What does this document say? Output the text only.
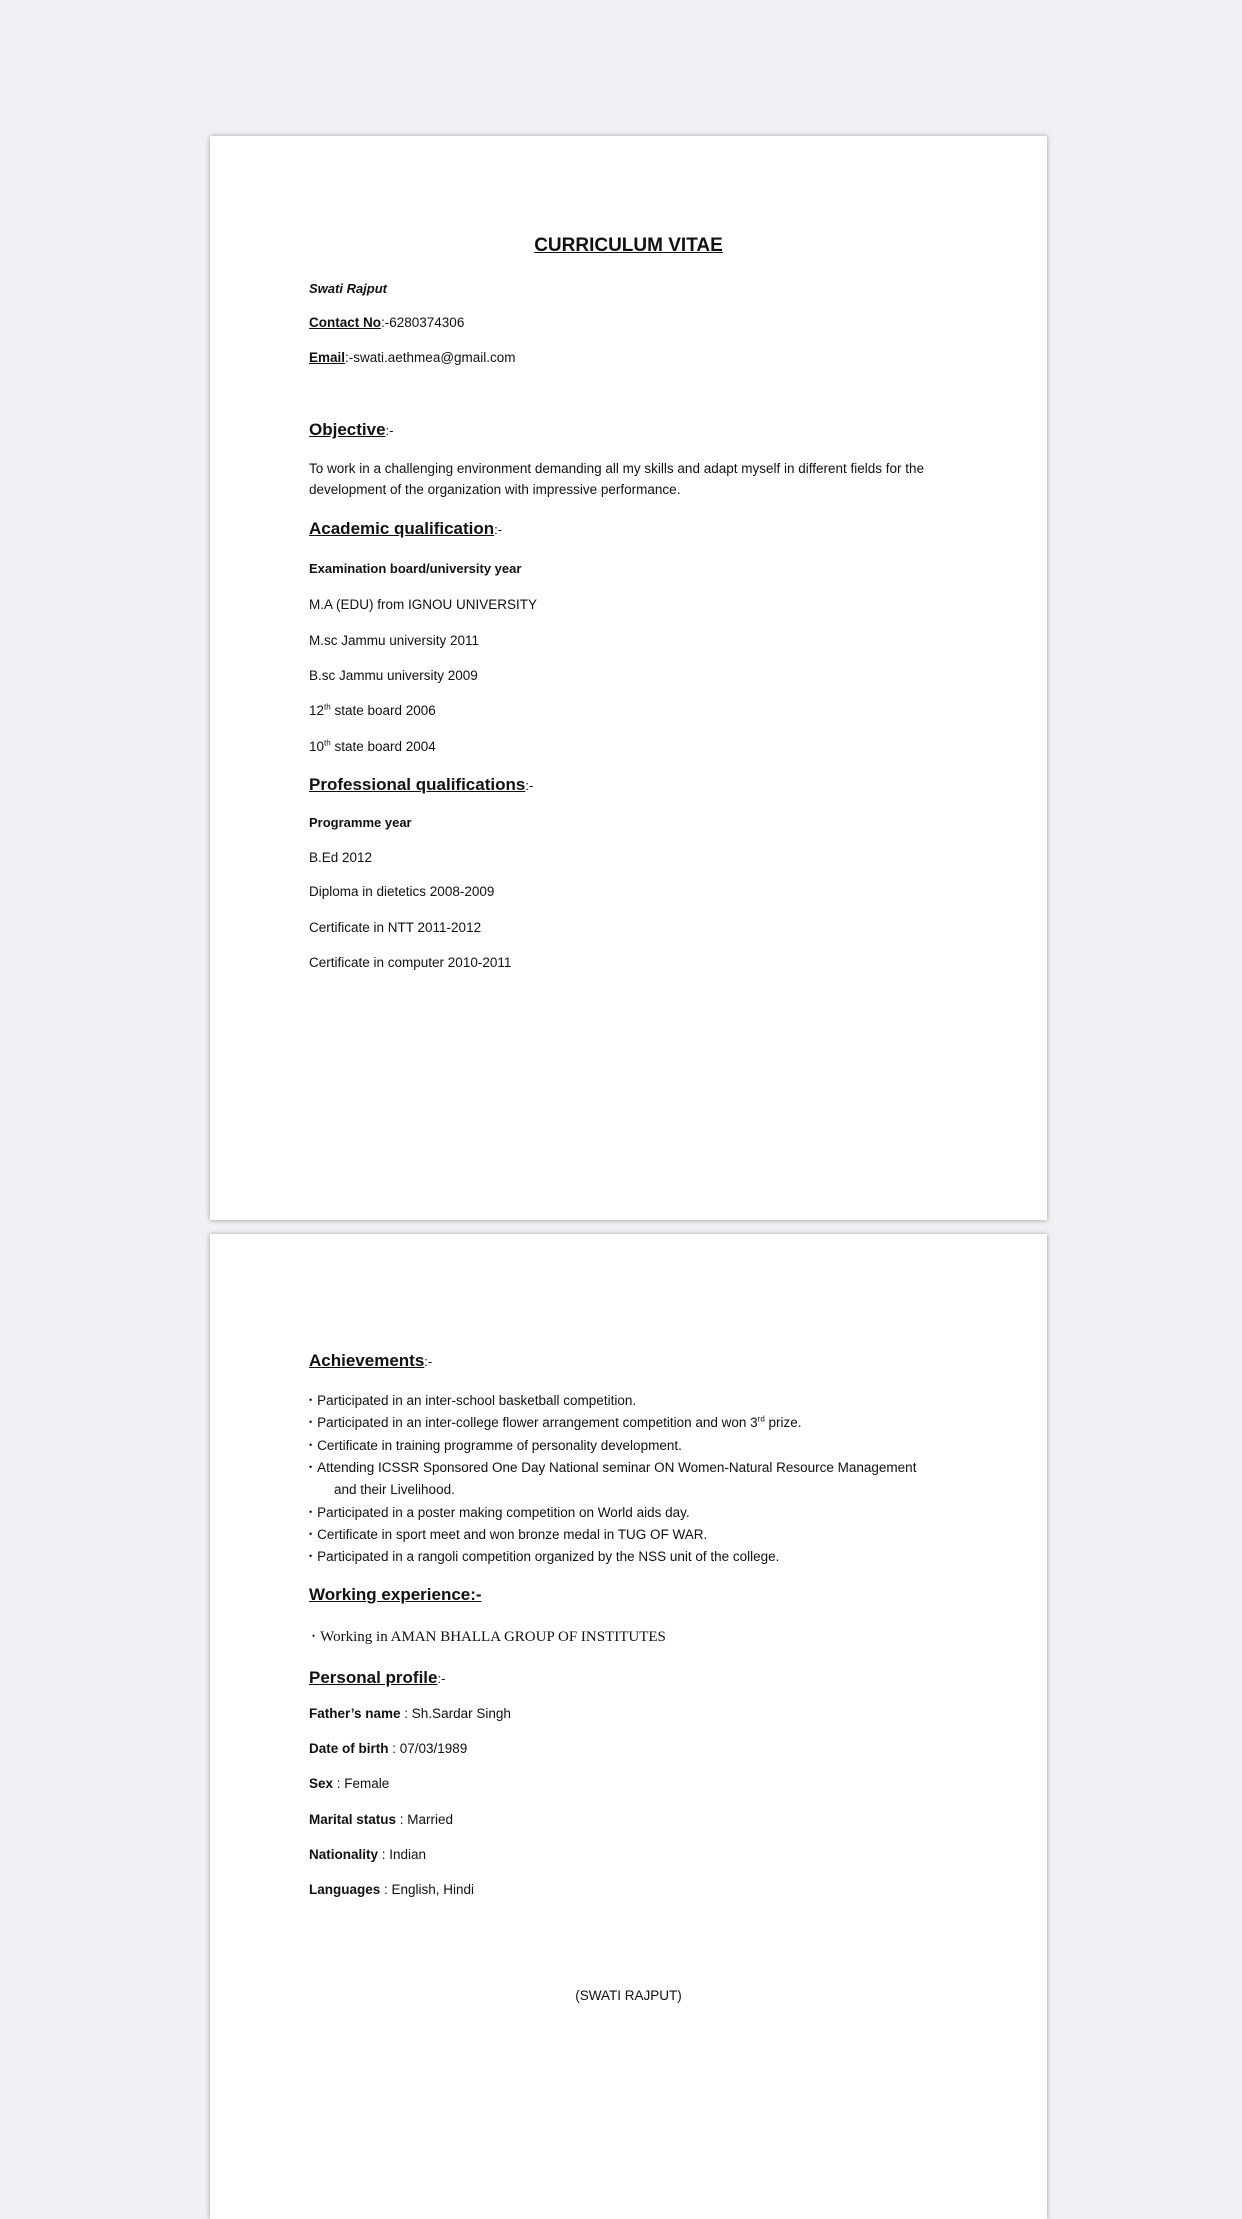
CURRICULUM VITAE
Swati Rajput
Contact No:-6280374306
Email:-swati.aethmea@gmail.com
Objective:-
To work in a challenging environment demanding all my skills and adapt myself in different fields for the development of the organization with impressive performance.
Academic qualification:-
Examination board/university year
M.A (EDU) from IGNOU UNIVERSITY
M.sc Jammu university 2011
B.sc Jammu university 2009
12th state board 2006
10th state board 2004
Professional qualifications:-
Programme year
B.Ed 2012
Diploma in dietetics 2008-2009
Certificate in NTT 2011-2012
Certificate in computer 2010-2011
Achievements:-
• Participated in an inter-school basketball competition.
• Participated in an inter-college flower arrangement competition and won 3rd prize.
• Certificate in training programme of personality development.
• Attending ICSSR Sponsored One Day National seminar ON Women-Natural Resource Management
and their Livelihood.
• Participated in a poster making competition on World aids day.
• Certificate in sport meet and won bronze medal in TUG OF WAR.
• Participated in a rangoli competition organized by the NSS unit of the college.
Working experience:-
• Working in AMAN BHALLA GROUP OF INSTITUTES
Personal profile:-
Father’s name : Sh.Sardar Singh
Date of birth : 07/03/1989
Sex : Female
Marital status : Married
Nationality : Indian
Languages : English, Hindi
(SWATI RAJPUT)
